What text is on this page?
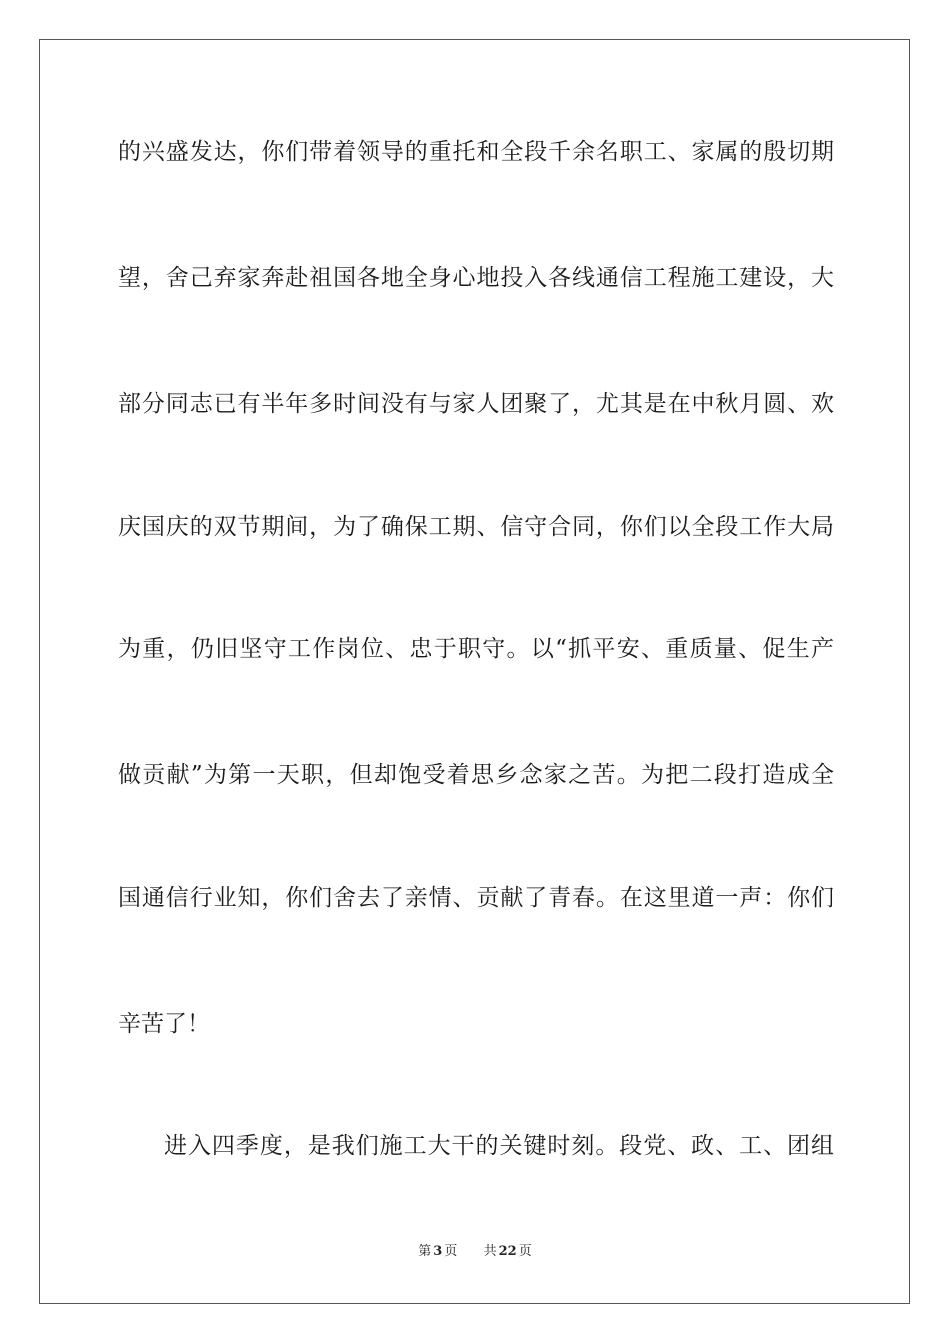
的兴盛发达，你们带着领导的重托和全段千余名职工、家属的殷切期
望，舍己弃家奔赴祖国各地全身心地投入各线通信工程施工建设，大
部分同志已有半年多时间没有与家人团聚了，尤其是在中秋月圆、欢
庆国庆的双节期间，为了确保工期、信守合同，你们以全段工作大局
为重，仍旧坚守工作岗位、忠于职守。以“抓平安、重质量、促生产
做贡献”为第一天职，但却饱受着思乡念家之苦。为把二段打造成全
国通信行业知，你们舍去了亲情、贡献了青春。在这里道一声：你们
辛苦了！
进入四季度，是我们施工大干的关键时刻。段党、政、工、团组
第 3 页 共 22 页
